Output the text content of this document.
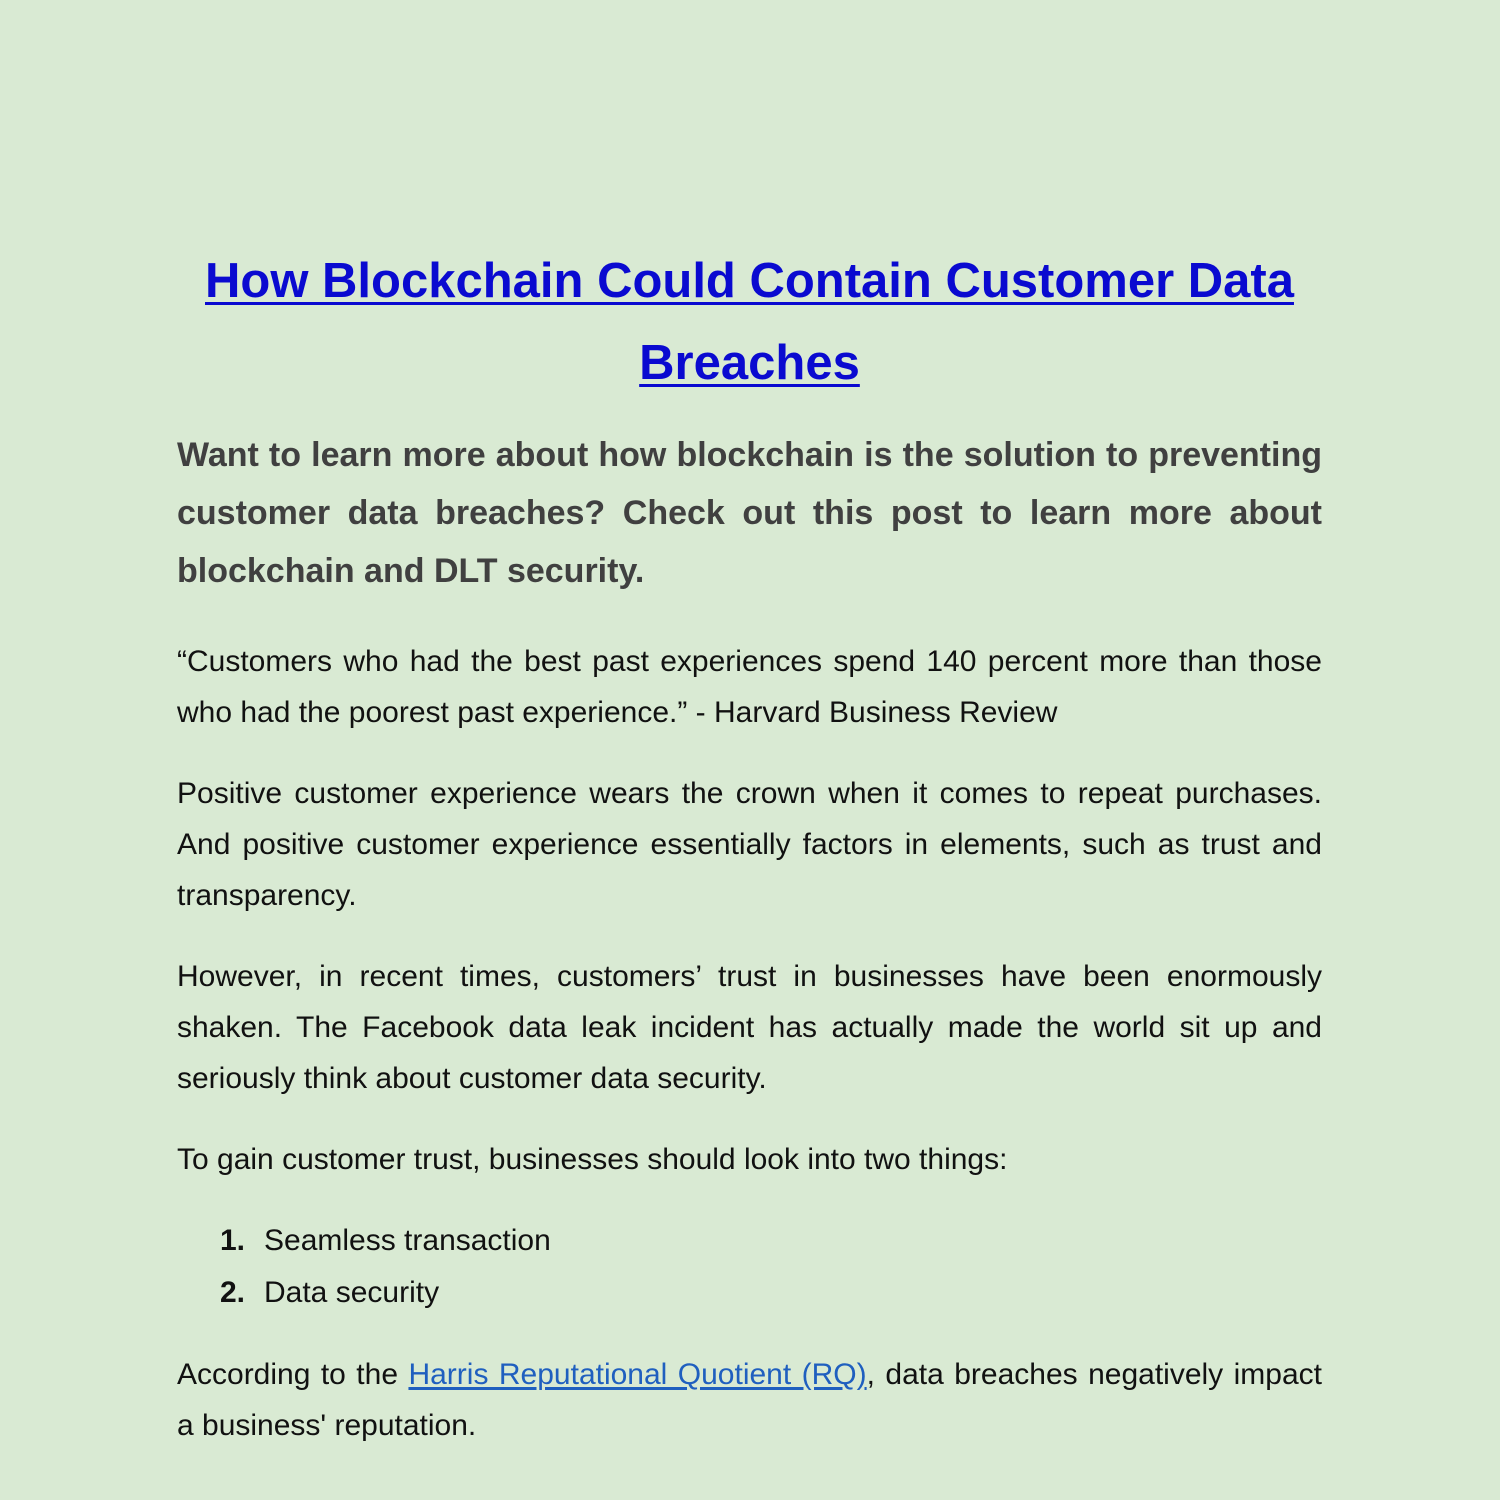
How Blockchain Could Contain Customer Data Breaches

Want to learn more about how blockchain is the solution to preventing customer data breaches? Check out this post to learn more about blockchain and DLT security.

“Customers who had the best past experiences spend 140 percent more than those who had the poorest past experience.” - Harvard Business Review

Positive customer experience wears the crown when it comes to repeat purchases. And positive customer experience essentially factors in elements, such as trust and transparency.

However, in recent times, customers’ trust in businesses have been enormously shaken. The Facebook data leak incident has actually made the world sit up and seriously think about customer data security.

To gain customer trust, businesses should look into two things:

1. Seamless transaction
2. Data security

According to the Harris Reputational Quotient (RQ), data breaches negatively impact a business' reputation.
